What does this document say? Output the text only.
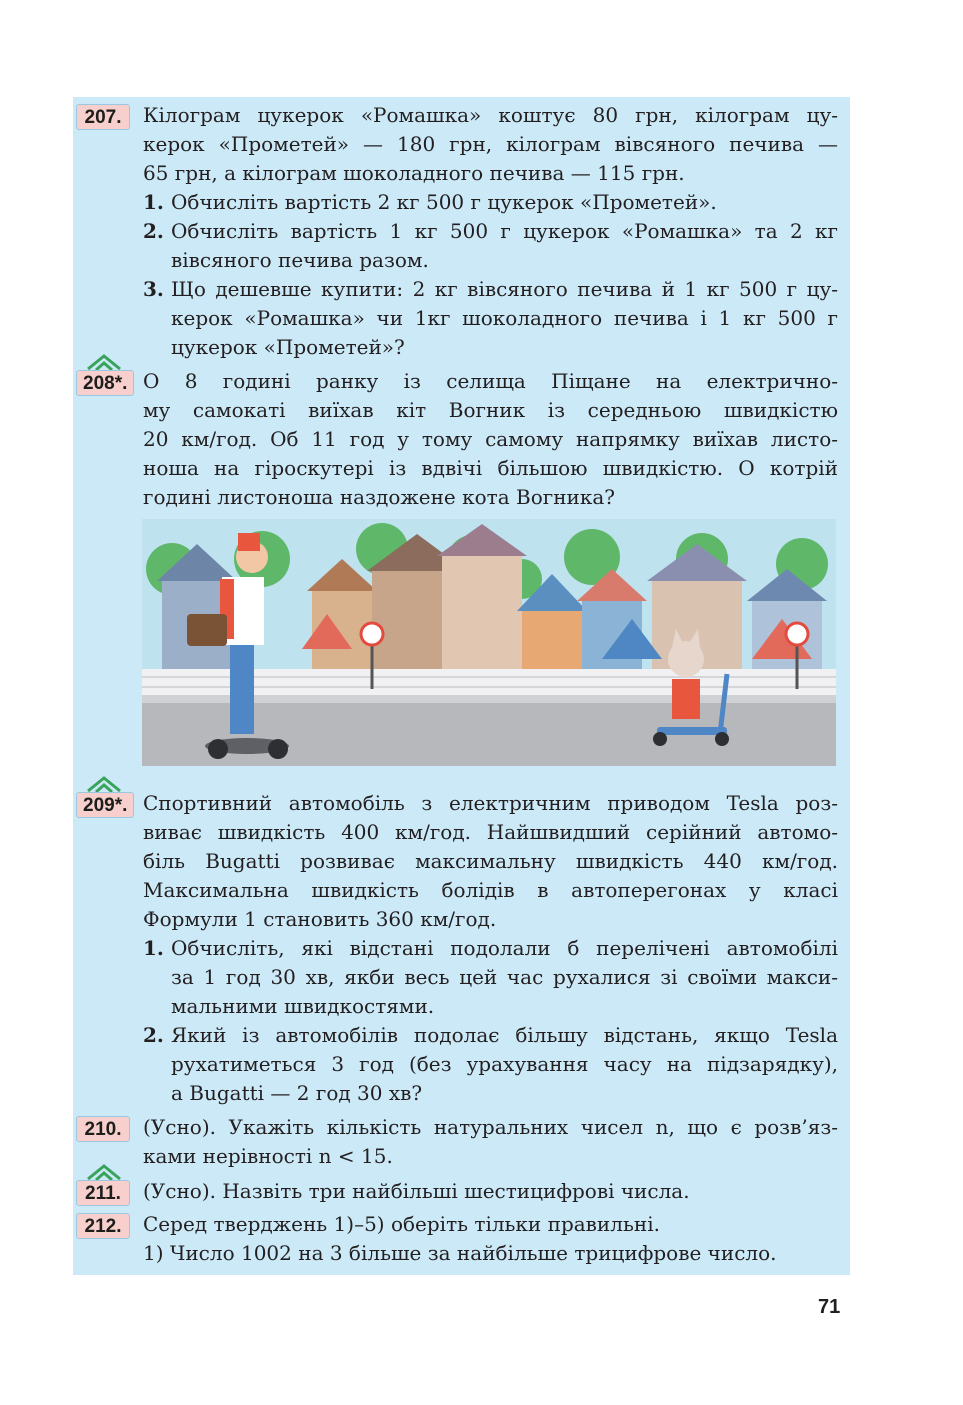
207.	Кілограм цукерок «Ромашка» коштує 80 грн, кілограм цу-
керок «Прометей» — 180 грн, кілограм вівсяного печива —
65 грн, а кілограм шоколадного печива — 115 грн.
1. Обчисліть вартість 2 кг 500 г цукерок «Прометей».
2. Обчисліть вартість 1 кг 500 г цукерок «Ромашка» та 2 кг
вівсяного печива разом.
3. Що дешевше купити: 2 кг вівсяного печива й 1 кг 500 г цу-
керок «Ромашка» чи 1кг шоколадного печива і 1 кг 500 г
цукерок «Прометей»?
208*. О 8 годині ранку із селища Піщане на електрично-
му самокаті виїхав кіт Вогник із середньою швидкістю
20 км/год. Об 11 год у тому самому напрямку виїхав листо-
ноша на гіроскутері із вдвічі більшою швидкістю. О котрій
годині листоноша наздожене кота Вогника?
209*. Спортивний автомобіль з електричним приводом Tesla роз-
виває швидкість 400 км/год. Найшвидший серійний автомо-
біль Bugatti розвиває максимальну швидкість 440 км/год.
Максимальна швидкість болідів в автоперегонах у класі
Формули 1 становить 360 км/год.
1. Обчисліть, які відстані подолали б перелічені автомобілі
за 1 год 30 хв, якби весь цей час рухалися зі своїми макси-
мальними швидкостями.
2. Який із автомобілів подолає більшу відстань, якщо Tesla
рухатиметься 3 год (без урахування часу на підзарядку),
а Bugatti — 2 год 30 хв?
210.	(Усно). Укажіть кількість натуральних чисел n, що є розв’яз-
ками нерівності n < 15.
211.	(Усно). Назвіть три найбільші шестицифрові числа.
212.	Серед тверджень 1)–5) оберіть тільки правильні.
1) Число 1002 на 3 більше за найбільше трицифрове число.
71
